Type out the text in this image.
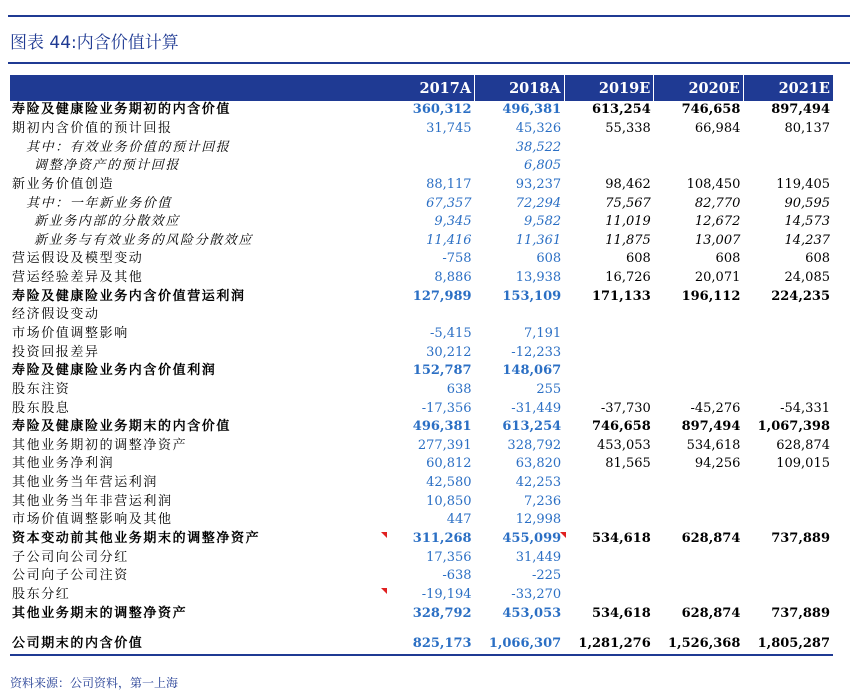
图表 44:内含价值计算
	2017A	2018A	2019E	2020E	2021E
寿险及健康险业务期初的内含价值	360,312	496,381	613,254	746,658	897,494
期初内含价值的预计回报	31,745	45,326	55,338	66,984	80,137
其中：有效业务价值的预计回报		38,522			
调整净资产的预计回报		6,805			
新业务价值创造	88,117	93,237	98,462	108,450	119,405
其中：一年新业务价值	67,357	72,294	75,567	82,770	90,595
新业务内部的分散效应	9,345	9,582	11,019	12,672	14,573
新业务与有效业务的风险分散效应	11,416	11,361	11,875	13,007	14,237
营运假设及模型变动	-758	608	608	608	608
营运经验差异及其他	8,886	13,938	16,726	20,071	24,085
寿险及健康险业务内含价值营运利润	127,989	153,109	171,133	196,112	224,235
经济假设变动					
市场价值调整影响	-5,415	7,191			
投资回报差异	30,212	-12,233			
寿险及健康险业务内含价值利润	152,787	148,067			
股东注资	638	255			
股东股息	-17,356	-31,449	-37,730	-45,276	-54,331
寿险及健康险业务期末的内含价值	496,381	613,254	746,658	897,494	1,067,398
其他业务期初的调整净资产	277,391	328,792	453,053	534,618	628,874
其他业务净利润	60,812	63,820	81,565	94,256	109,015
其他业务当年营运利润	42,580	42,253			
其他业务当年非营运利润	10,850	7,236			
市场价值调整影响及其他	447	12,998			
资本变动前其他业务期末的调整净资产	311,268	455,099	534,618	628,874	737,889
子公司向公司分红	17,356	31,449			
公司向子公司注资	-638	-225			
股东分红	-19,194	-33,270			
其他业务期末的调整净资产	328,792	453,053	534,618	628,874	737,889

公司期末的内含价值	825,173	1,066,307	1,281,276	1,526,368	1,805,287
资料来源：公司资料，第一上海
